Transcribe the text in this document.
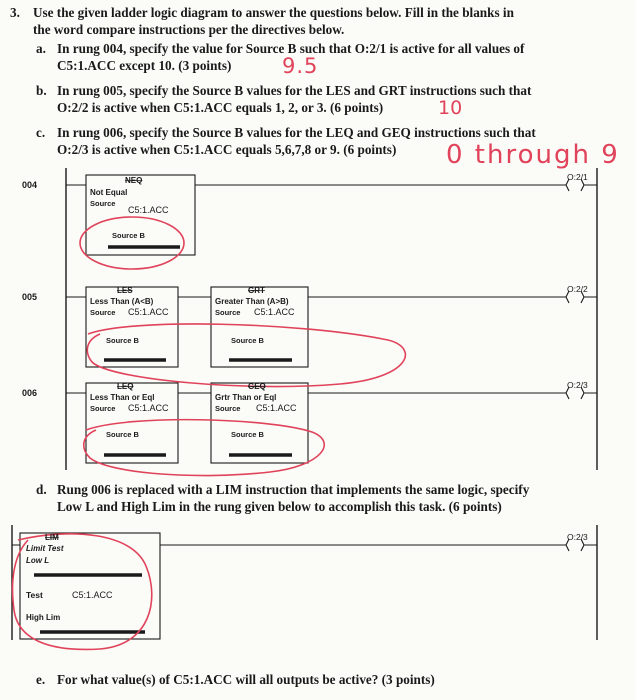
3. Use the given ladder logic diagram to answer the questions below. Fill in the blanks in
the word compare instructions per the directives below.
a. In rung 004, specify the value for Source B such that O:2/1 is active for all values of
C5:1.ACC except 10. (3 points) 9.5
b. In rung 005, specify the Source B values for the LES and GRT instructions such that
O:2/2 is active when C5:1.ACC equals 1, 2, or 3. (6 points)	10
c. In rung 006, specify the Source B values for the LEQ and GEQ instructions such that
O:2/3 is active when C5:1.ACC equals 5,6,7,8 or 9. (6 points) 0 through 9
004
005
006
O:2/1
O:2/2
O:2/3
O:2/3
NEQ
Not Equal
Source
C5:1.ACC
Source B
LES
Less Than (A<B)
Source C5:1.ACC
Source B
GRT
Greater Than (A>B)
Source C5:1.ACC
Source B
LEQ
Less Than or Eql
Source C5:1.ACC
Source B
GEQ
Grtr Than or Eql
Source C5:1.ACC
Source B
LIM
Limit Test
Low L
Test	C5:1.ACC
High Lim
d. Rung 006 is replaced with a LIM instruction that implements the same logic, specify
Low L and High Lim in the rung given below to accomplish this task. (6 points)
e. For what value(s) of C5:1.ACC will all outputs be active? (3 points)
